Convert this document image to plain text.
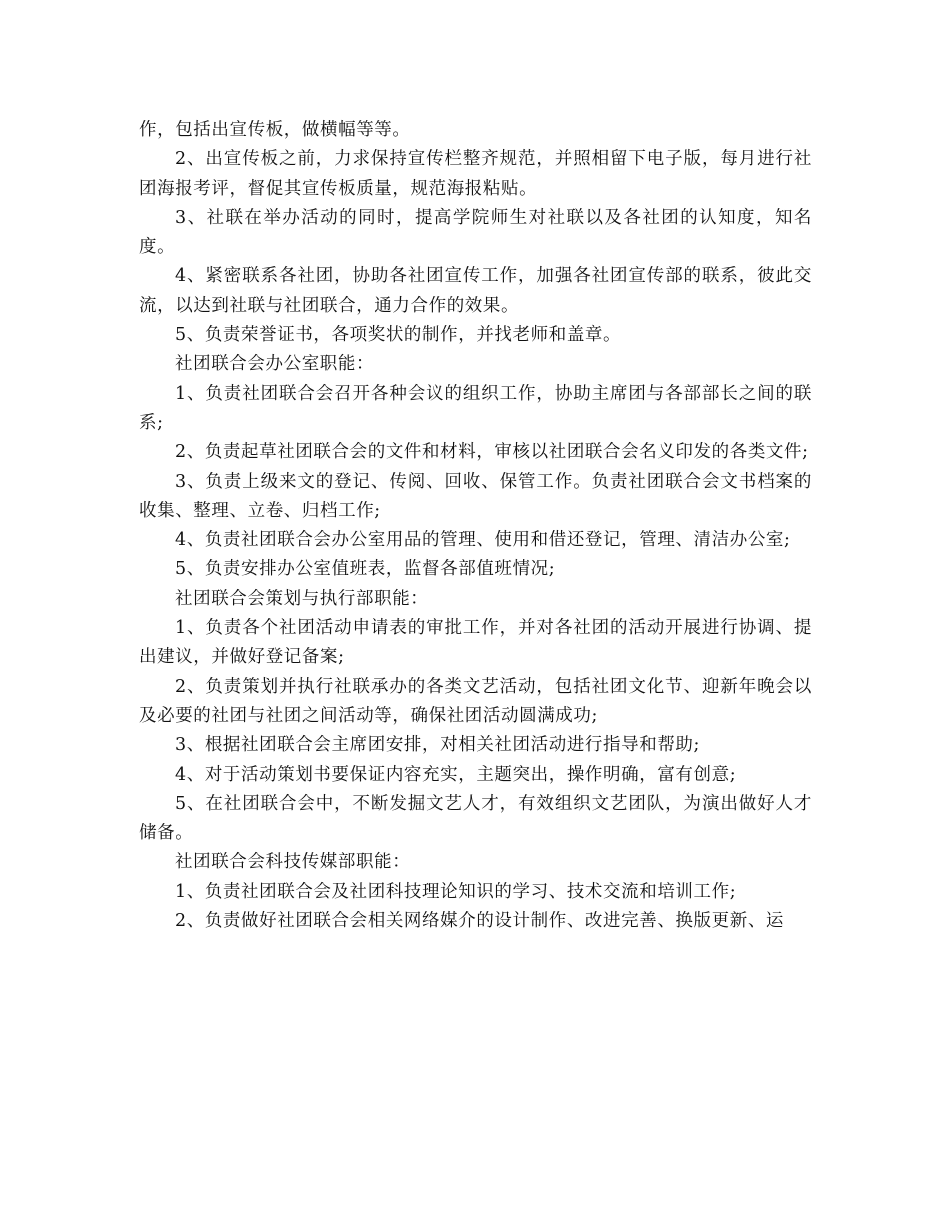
作，包括出宣传板，做横幅等等。

2、出宣传板之前，力求保持宣传栏整齐规范，并照相留下电子版，每月进行社团海报考评，督促其宣传板质量，规范海报粘贴。

3、社联在举办活动的同时，提高学院师生对社联以及各社团的认知度，知名度。

4、紧密联系各社团，协助各社团宣传工作，加强各社团宣传部的联系，彼此交流，以达到社联与社团联合，通力合作的效果。

5、负责荣誉证书，各项奖状的制作，并找老师和盖章。

社团联合会办公室职能：

1、负责社团联合会召开各种会议的组织工作，协助主席团与各部部长之间的联系;

2、负责起草社团联合会的文件和材料，审核以社团联合会名义印发的各类文件;

3、负责上级来文的登记、传阅、回收、保管工作。负责社团联合会文书档案的收集、整理、立卷、归档工作;

4、负责社团联合会办公室用品的管理、使用和借还登记，管理、清洁办公室;

5、负责安排办公室值班表，监督各部值班情况;

社团联合会策划与执行部职能：

1、负责各个社团活动申请表的审批工作，并对各社团的活动开展进行协调、提出建议，并做好登记备案;

2、负责策划并执行社联承办的各类文艺活动，包括社团文化节、迎新年晚会以及必要的社团与社团之间活动等，确保社团活动圆满成功;

3、根据社团联合会主席团安排，对相关社团活动进行指导和帮助;

4、对于活动策划书要保证内容充实，主题突出，操作明确，富有创意;

5、在社团联合会中，不断发掘文艺人才，有效组织文艺团队，为演出做好人才储备。

社团联合会科技传媒部职能：

1、负责社团联合会及社团科技理论知识的学习、技术交流和培训工作;

2、负责做好社团联合会相关网络媒介的设计制作、改进完善、换版更新、运
